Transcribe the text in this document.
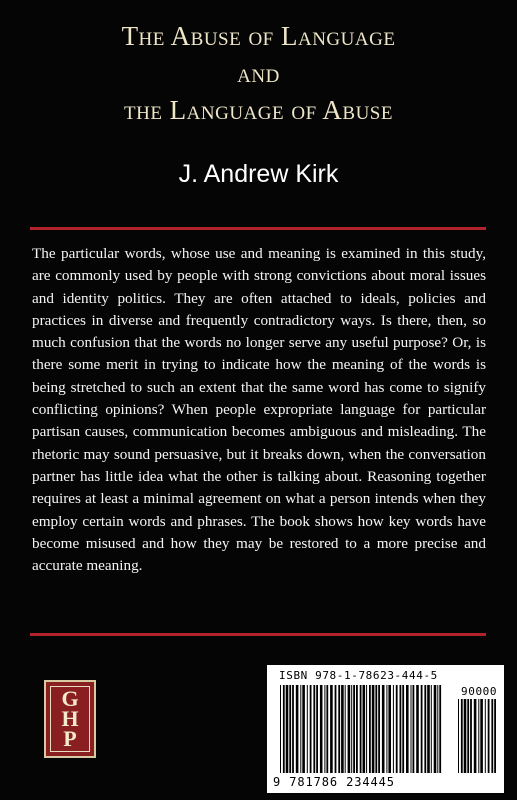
The Abuse of Language
and
the Language of Abuse
J. Andrew Kirk
The particular words, whose use and meaning is examined in this study, are commonly used by people with strong convictions about moral issues and identity politics. They are often attached to ideals, policies and practices in diverse and frequently contradictory ways. Is there, then, so much confusion that the words no longer serve any useful purpose? Or, is there some merit in trying to indicate how the meaning of the words is being stretched to such an extent that the same word has come to signify conflicting opinions? When people expropriate language for particular partisan causes, communication becomes ambiguous and misleading. The rhetoric may sound persuasive, but it breaks down, when the conversation partner has little idea what the other is talking about. Reasoning together requires at least a minimal agreement on what a person intends when they employ certain words and phrases. The book shows how key words have become misused and how they may be restored to a more precise and accurate meaning.
G
H
P
ISBN 978-1-78623-444-5
90000
9 781786 234445
